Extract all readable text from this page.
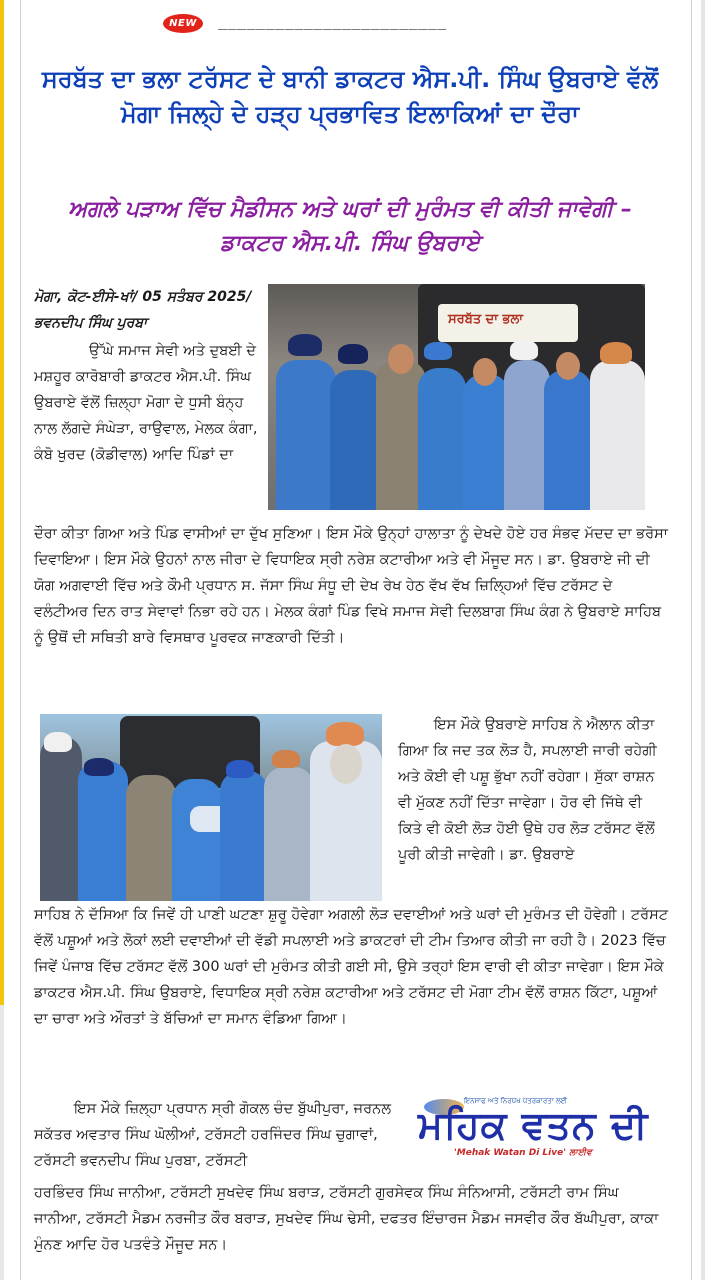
NEW	________________________
ਸਰਬੱਤ ਦਾ ਭਲਾ ਟਰੱਸਟ ਦੇ ਬਾਨੀ ਡਾਕਟਰ ਐਸ.ਪੀ. ਸਿੰਘ ਉਬਰਾਏ ਵੱਲੋਂ ਮੋਗਾ ਜਿਲ੍ਹੇ ਦੇ ਹੜ੍ਹ ਪ੍ਰਭਾਵਿਤ ਇਲਾਕਿਆਂ ਦਾ ਦੌਰਾ
ਅਗਲੇ ਪੜਾਅ ਵਿੱਚ ਮੈਡੀਸਨ ਅਤੇ ਘਰਾਂ ਦੀ ਮੁਰੰਮਤ ਵੀ ਕੀਤੀ ਜਾਵੇਗੀ – ਡਾਕਟਰ ਐਸ.ਪੀ. ਸਿੰਘ ਉਬਰਾਏ
ਮੋਗਾ, ਕੋਟ-ਈਸੇ-ਖਾਂ/ 05 ਸਤੰਬਰ 2025/ ਭਵਨਦੀਪ ਸਿੰਘ ਪੁਰਬਾ	ਸਰਬੱਤ ਦਾ ਭਲਾ

ਉੱਘੇ ਸਮਾਜ ਸੇਵੀ ਅਤੇ ਦੁਬਈ ਦੇ ਮਸ਼ਹੂਰ ਕਾਰੋਬਾਰੀ ਡਾਕਟਰ ਐਸ.ਪੀ. ਸਿੰਘ ਉਬਰਾਏ ਵੱਲੋਂ ਜ਼ਿਲ੍ਹਾ ਮੋਗਾ ਦੇ ਧੁਸੀ ਬੰਨ੍ਹ ਨਾਲ ਲੱਗਦੇ ਸੰਘੇੜਾ, ਰਾਉਵਾਲ, ਮੇਲਕ ਕੰਗਾ, ਕੰਬੋ ਖੁਰਦ (ਕੋਡੀਵਾਲ) ਆਦਿ ਪਿੰਡਾਂ ਦਾ

ਦੌਰਾ ਕੀਤਾ ਗਿਆ ਅਤੇ ਪਿੰਡ ਵਾਸੀਆਂ ਦਾ ਦੁੱਖ ਸੁਣਿਆ। ਇਸ ਮੌਕੇ ਉਨ੍ਹਾਂ ਹਾਲਾਤਾ ਨੂੰ ਦੇਖਦੇ ਹੋਏ ਹਰ ਸੰਭਵ ਮੱਦਦ ਦਾ ਭਰੋਸਾ ਦਿਵਾਇਆ। ਇਸ ਮੌਕੇ ਉਹਨਾਂ ਨਾਲ ਜੀਰਾ ਦੇ ਵਿਧਾਇਕ ਸ੍ਰੀ ਨਰੇਸ਼ ਕਟਾਰੀਆ ਅਤੇ ਵੀ ਮੌਜੂਦ ਸਨ। ਡਾ. ਉਬਰਾਏ ਜੀ ਦੀ ਯੋਗ ਅਗਵਾਈ ਵਿੱਚ ਅਤੇ ਕੌਮੀ ਪ੍ਰਧਾਨ ਸ. ਜੱਸਾ ਸਿੰਘ ਸੰਧੂ ਦੀ ਦੇਖ ਰੇਖ ਹੇਠ ਵੱਖ ਵੱਖ ਜ਼ਿਲ੍ਹਿਆਂ ਵਿੱਚ ਟਰੱਸਟ ਦੇ ਵਲੰਟੀਅਰ ਦਿਨ ਰਾਤ ਸੇਵਾਵਾਂ ਨਿਭਾ ਰਹੇ ਹਨ। ਮੇਲਕ ਕੰਗਾਂ ਪਿੰਡ ਵਿਖੇ ਸਮਾਜ ਸੇਵੀ ਦਿਲਬਾਗ ਸਿੰਘ ਕੰਗ ਨੇ ਉਬਰਾਏ ਸਾਹਿਬ ਨੂੰ ਉਥੋਂ ਦੀ ਸਥਿਤੀ ਬਾਰੇ ਵਿਸਥਾਰ ਪੂਰਵਕ ਜਾਣਕਾਰੀ ਦਿੱਤੀ।

ਇਸ ਮੌਕੇ ਉਬਰਾਏ ਸਾਹਿਬ ਨੇ ਐਲਾਨ ਕੀਤਾ ਗਿਆ ਕਿ ਜਦ ਤਕ ਲੋੜ ਹੈ, ਸਪਲਾਈ ਜਾਰੀ ਰਹੇਗੀ ਅਤੇ ਕੋਈ ਵੀ ਪਸ਼ੂ ਭੁੱਖਾ ਨਹੀਂ ਰਹੇਗਾ। ਸੁੱਕਾ ਰਾਸ਼ਨ ਵੀ ਮੁੱਕਣ ਨਹੀਂ ਦਿੱਤਾ ਜਾਵੇਗਾ। ਹੋਰ ਵੀ ਜਿੱਥੇ ਵੀ ਕਿਤੇ ਵੀ ਕੋਈ ਲੋੜ ਹੋਈ ਉਥੇ ਹਰ ਲੋੜ ਟਰੱਸਟ ਵੱਲੋਂ ਪੂਰੀ ਕੀਤੀ ਜਾਵੇਗੀ। ਡਾ. ਉਬਰਾਏ

ਸਾਹਿਬ ਨੇ ਦੱਸਿਆ ਕਿ ਜਿਵੇਂ ਹੀ ਪਾਣੀ ਘਟਣਾ ਸ਼ੁਰੂ ਹੋਵੇਗਾ ਅਗਲੀ ਲੋੜ ਦਵਾਈਆਂ ਅਤੇ ਘਰਾਂ ਦੀ ਮੁਰੰਮਤ ਦੀ ਹੋਵੇਗੀ। ਟਰੱਸਟ ਵੱਲੋਂ ਪਸ਼ੂਆਂ ਅਤੇ ਲੋਕਾਂ ਲਈ ਦਵਾਈਆਂ ਦੀ ਵੱਡੀ ਸਪਲਾਈ ਅਤੇ ਡਾਕਟਰਾਂ ਦੀ ਟੀਮ ਤਿਆਰ ਕੀਤੀ ਜਾ ਰਹੀ ਹੈ। 2023 ਵਿੱਚ ਜਿਵੇਂ ਪੰਜਾਬ ਵਿੱਚ ਟਰੱਸਟ ਵੱਲੋਂ 300 ਘਰਾਂ ਦੀ ਮੁਰੰਮਤ ਕੀਤੀ ਗਈ ਸੀ, ਉਸੇ ਤਰ੍ਹਾਂ ਇਸ ਵਾਰੀ ਵੀ ਕੀਤਾ ਜਾਵੇਗਾ। ਇਸ ਮੌਕੇ ਡਾਕਟਰ ਐਸ.ਪੀ. ਸਿੰਘ ਉਬਰਾਏ, ਵਿਧਾਇਕ ਸ੍ਰੀ ਨਰੇਸ਼ ਕਟਾਰੀਆ ਅਤੇ ਟਰੱਸਟ ਦੀ ਮੋਗਾ ਟੀਮ ਵੱਲੋਂ ਰਾਸ਼ਨ ਕਿੱਟਾ, ਪਸ਼ੂਆਂ ਦਾ ਚਾਰਾ ਅਤੇ ਔਰਤਾਂ ਤੇ ਬੱਚਿਆਂ ਦਾ ਸਮਾਨ ਵੰਡਿਆ ਗਿਆ।

ਇਸ ਮੌਕੇ ਜ਼ਿਲ੍ਹਾ ਪ੍ਰਧਾਨ ਸ੍ਰੀ ਗੋਕਲ ਚੰਦ ਬੁੱਘੀਪੁਰਾ, ਜਰਨਲ ਸਕੱਤਰ ਅਵਤਾਰ ਸਿੰਘ ਘੋਲੀਆਂ, ਟਰੱਸਟੀ ਹਰਜਿੰਦਰ ਸਿੰਘ ਚੁਗਾਵਾਂ, ਟਰੱਸਟੀ ਭਵਨਦੀਪ ਸਿੰਘ ਪੁਰਬਾ, ਟਰੱਸਟੀ

ਇਨਸਾਫ ਅਤੇ ਨਿਰਪੱਖ ਪੱਤਰਕਾਰਤਾ ਲਈ
ਮਹਿਕ ਵਤਨ ਦੀ
'Mehak Watan Di Live' ਲਾਈਵ

ਹਰਭਿੰਦਰ ਸਿੰਘ ਜਾਨੀਆ, ਟਰੱਸਟੀ ਸੁਖਦੇਵ ਸਿੰਘ ਬਰਾੜ, ਟਰੱਸਟੀ ਗੁਰਸੇਵਕ ਸਿੰਘ ਸੰਨਿਆਸੀ, ਟਰੱਸਟੀ ਰਾਮ ਸਿੰਘ ਜਾਨੀਆ, ਟਰੱਸਟੀ ਮੈਡਮ ਨਰਜੀਤ ਕੌਰ ਬਰਾੜ, ਸੁਖਦੇਵ ਸਿੰਘ ਢੇਸੀ, ਦਫਤਰ ਇੰਚਾਰਜ ਮੈਡਮ ਜਸਵੀਰ ਕੌਰ ਬੱਘੀਪੁਰਾ, ਕਾਕਾ ਮੁੰਨਣ ਆਦਿ ਹੋਰ ਪਤਵੰਤੇ ਮੌਜੂਦ ਸਨ।
